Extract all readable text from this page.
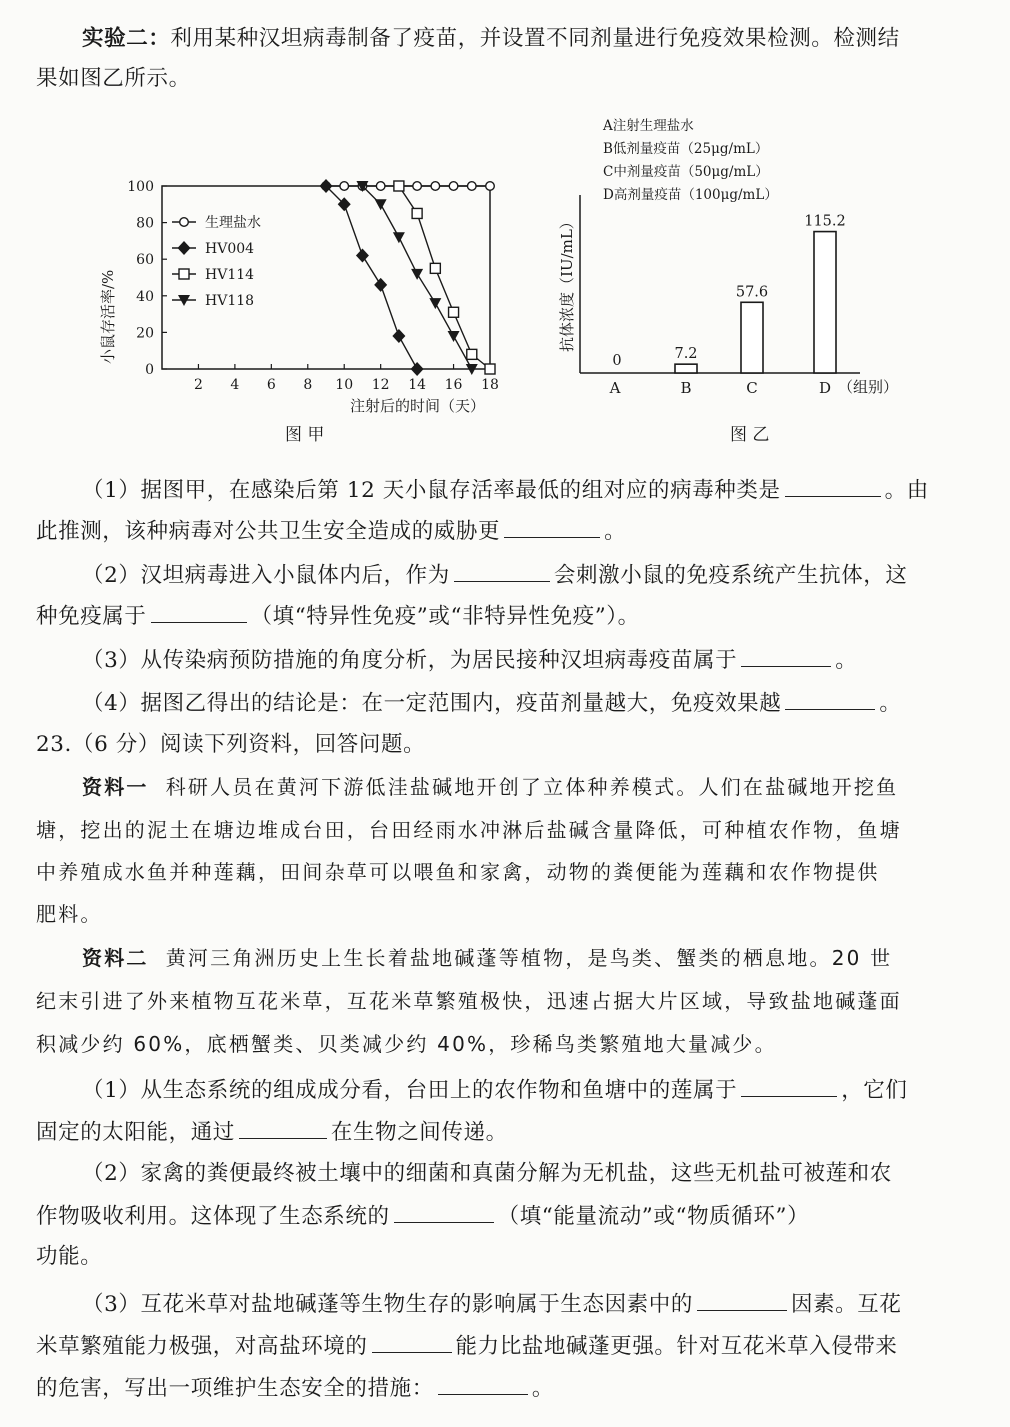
实验二：利用某种汉坦病毒制备了疫苗，并设置不同剂量进行免疫效果检测。检测结
果如图乙所示。
小鼠存活率/%
注射后的时间（天）
图 甲
2 4 6 8 10 12 14 16 18
0
20
40
60
80
100
生理盐水
HV004
HV114
HV118	抗体浓度（IU/mL）
（组别）
图 乙
A注射生理盐水
B低剂量疫苗（25μg/mL）
C中剂量疫苗（50μg/mL）
D高剂量疫苗（100μg/mL）
0
A
7.2
B
57.6
C
115.2
D
（1）据图甲，在感染后第 12 天小鼠存活率最低的组对应的病毒种类是	。由
此推测，该种病毒对公共卫生安全造成的威胁更	。
（2）汉坦病毒进入小鼠体内后，作为	会刺激小鼠的免疫系统产生抗体，这
种免疫属于	（填“特异性免疫”或“非特异性免疫”）。
（3）从传染病预防措施的角度分析，为居民接种汉坦病毒疫苗属于	。
（4）据图乙得出的结论是：在一定范围内，疫苗剂量越大，免疫效果越	。
23.（6 分）阅读下列资料，回答问题。
资料一 科研人员在黄河下游低洼盐碱地开创了立体种养模式。人们在盐碱地开挖鱼
塘，挖出的泥土在塘边堆成台田，台田经雨水冲淋后盐碱含量降低，可种植农作物，鱼塘
中养殖成水鱼并种莲藕，田间杂草可以喂鱼和家禽，动物的粪便能为莲藕和农作物提供
肥料。
资料二 黄河三角洲历史上生长着盐地碱蓬等植物，是鸟类、蟹类的栖息地。20 世
纪末引进了外来植物互花米草，互花米草繁殖极快，迅速占据大片区域，导致盐地碱蓬面
积减少约 60%，底栖蟹类、贝类减少约 40%，珍稀鸟类繁殖地大量减少。
（1）从生态系统的组成成分看，台田上的农作物和鱼塘中的莲属于	，它们
固定的太阳能，通过	在生物之间传递。
（2）家禽的粪便最终被土壤中的细菌和真菌分解为无机盐，这些无机盐可被莲和农
作物吸收利用。这体现了生态系统的	（填“能量流动”或“物质循环”）
功能。
（3）互花米草对盐地碱蓬等生物生存的影响属于生态因素中的	因素。互花
米草繁殖能力极强，对高盐环境的	能力比盐地碱蓬更强。针对互花米草入侵带来
的危害，写出一项维护生态安全的措施：	。
